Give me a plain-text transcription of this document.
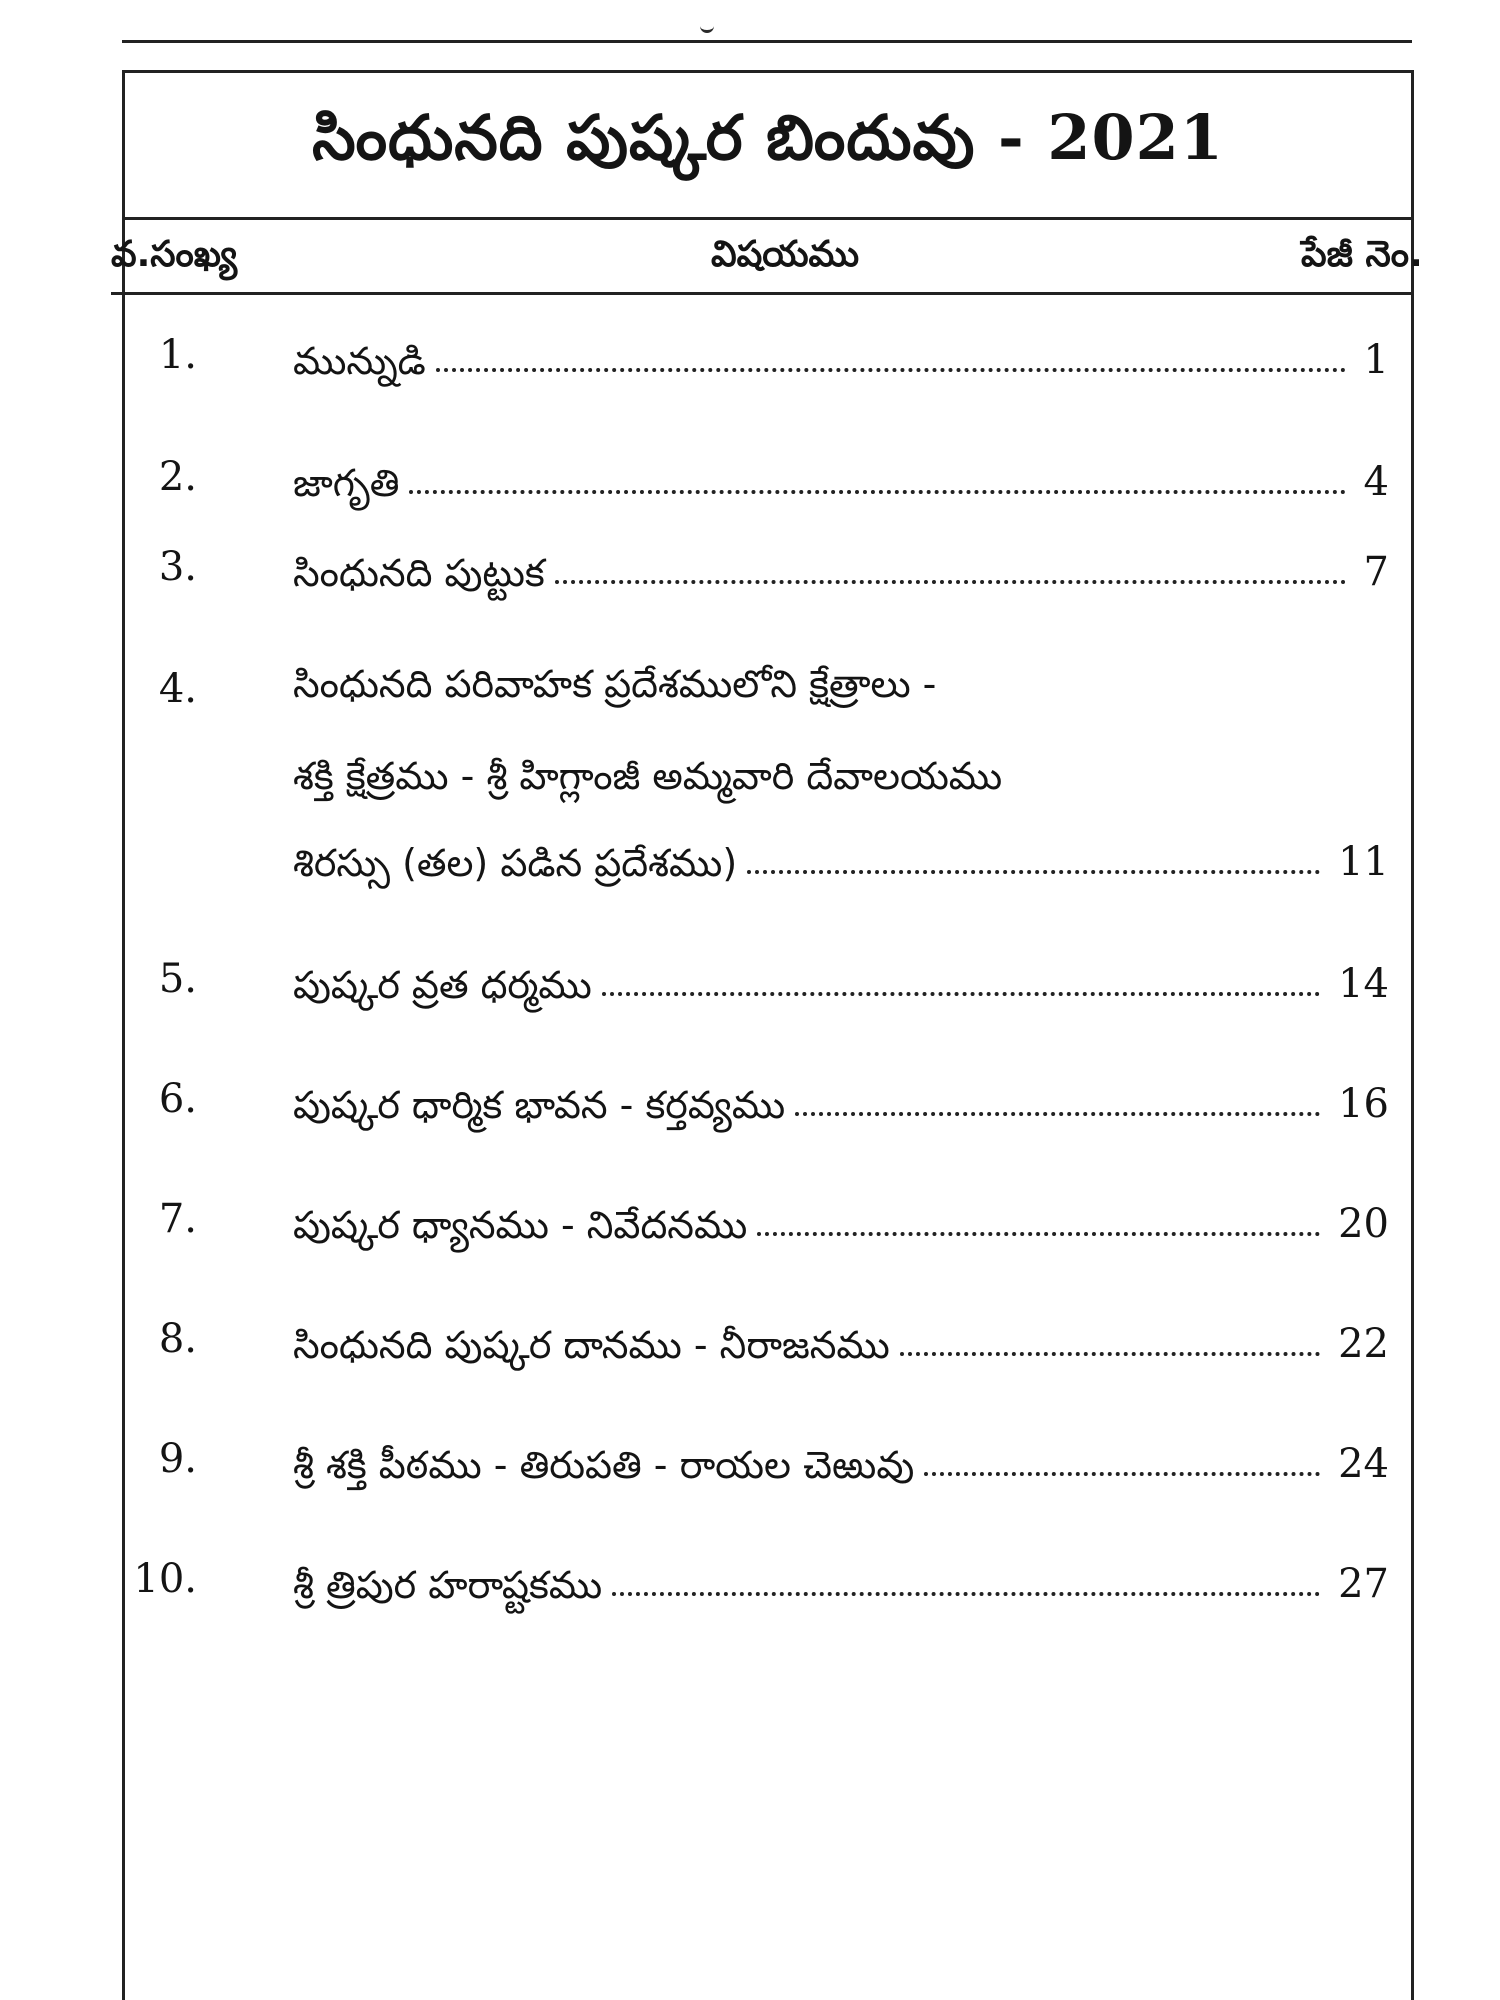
సింధునది పుష్కర బిందువు - 2021
వ.సంఖ్య	విషయము	పేజీ నెం.
1.	మున్నుడి	1
2.	జాగృతి	4
3.	సింధునది పుట్టుక	7
4.	సింధునది పరివాహక ప్రదేశములోని క్షేత్రాలు -
శక్తి క్షేత్రము - శ్రీ హిగ్లాంజీ అమ్మవారి దేవాలయము
శిరస్సు (తల) పడిన ప్రదేశము)	11
5.	పుష్కర వ్రత ధర్మము	14
6.	పుష్కర ధార్మిక భావన - కర్తవ్యము	16
7.	పుష్కర ధ్యానము - నివేదనము	20
8.	సింధునది పుష్కర దానము - నీరాజనము	22
9.	శ్రీ శక్తి పీఠము - తిరుపతి - రాయల చెఱువు	24
10.	శ్రీ త్రిపుర హరాష్టకము	27
